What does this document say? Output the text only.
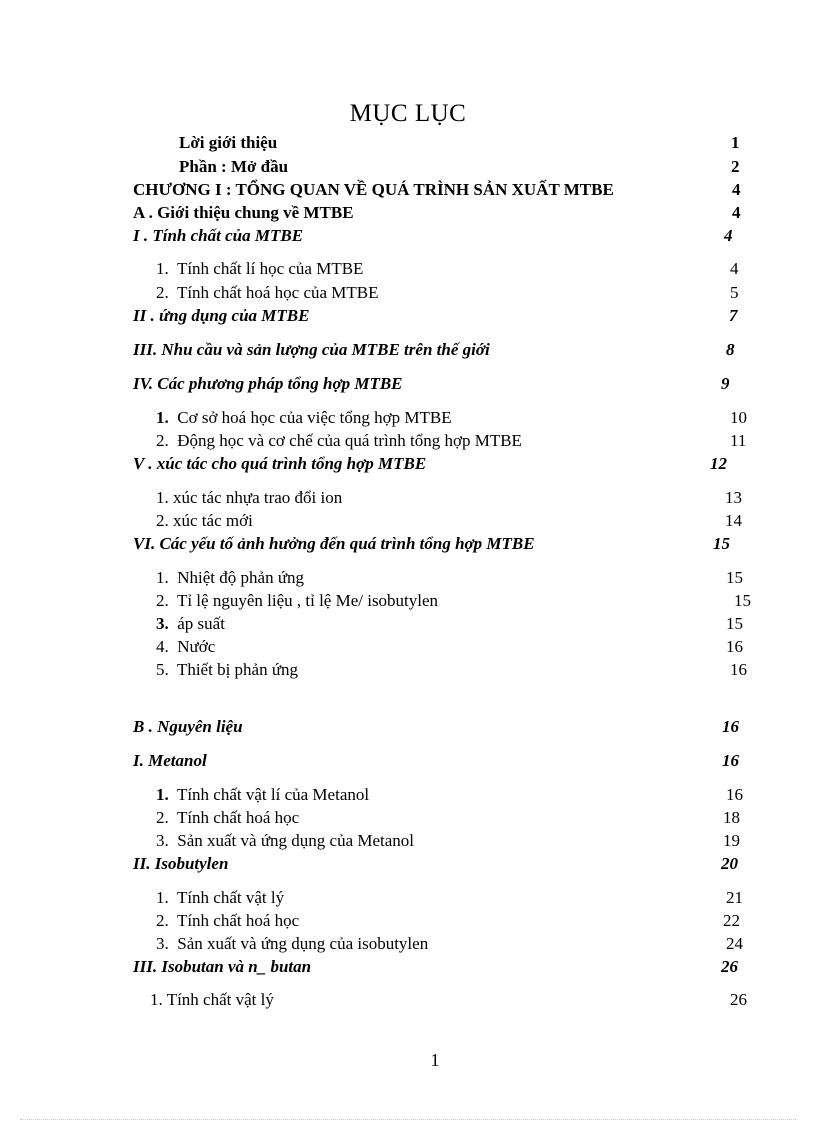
MỤC LỤC
Lời giới thiệu	1
Phần : Mở đầu	2
CHƯƠNG I : TỔNG QUAN VỀ QUÁ TRÌNH SẢN XUẤT MTBE	4
A . Giới thiệu chung về MTBE	4
I . Tính chất của MTBE	4
1. Tính chất lí học của MTBE	4
2. Tính chất hoá học của MTBE	5
II . ứng dụng của MTBE	7
III. Nhu cầu và sản lượng của MTBE trên thế giới	8
IV. Các phương pháp tổng hợp MTBE	9
1. Cơ sở hoá học của việc tổng hợp MTBE	10
2. Động học và cơ chế của quá trình tổng hợp MTBE	11
V . xúc tác cho quá trình tổng hợp MTBE	12
1. xúc tác nhựa trao đổi ion	13
2. xúc tác mới	14
VI. Các yếu tố ảnh hưởng đến quá trình tổng hợp MTBE	15
1. Nhiệt độ phản ứng	15
2. Tỉ lệ nguyên liệu , tỉ lệ Me/ isobutylen	15
3. áp suất	15
4. Nước	16
5. Thiết bị phản ứng	16
B . Nguyên liệu	16
I. Metanol	16
1. Tính chất vật lí của Metanol	16
2. Tính chất hoá học	18
3. Sản xuất và ứng dụng của Metanol	19
II. Isobutylen	20
1. Tính chất vật lý	21
2. Tính chất hoá học	22
3. Sản xuất và ứng dụng của isobutylen	24
III. Isobutan và n_ butan	26
1. Tính chất vật lý	26
1
